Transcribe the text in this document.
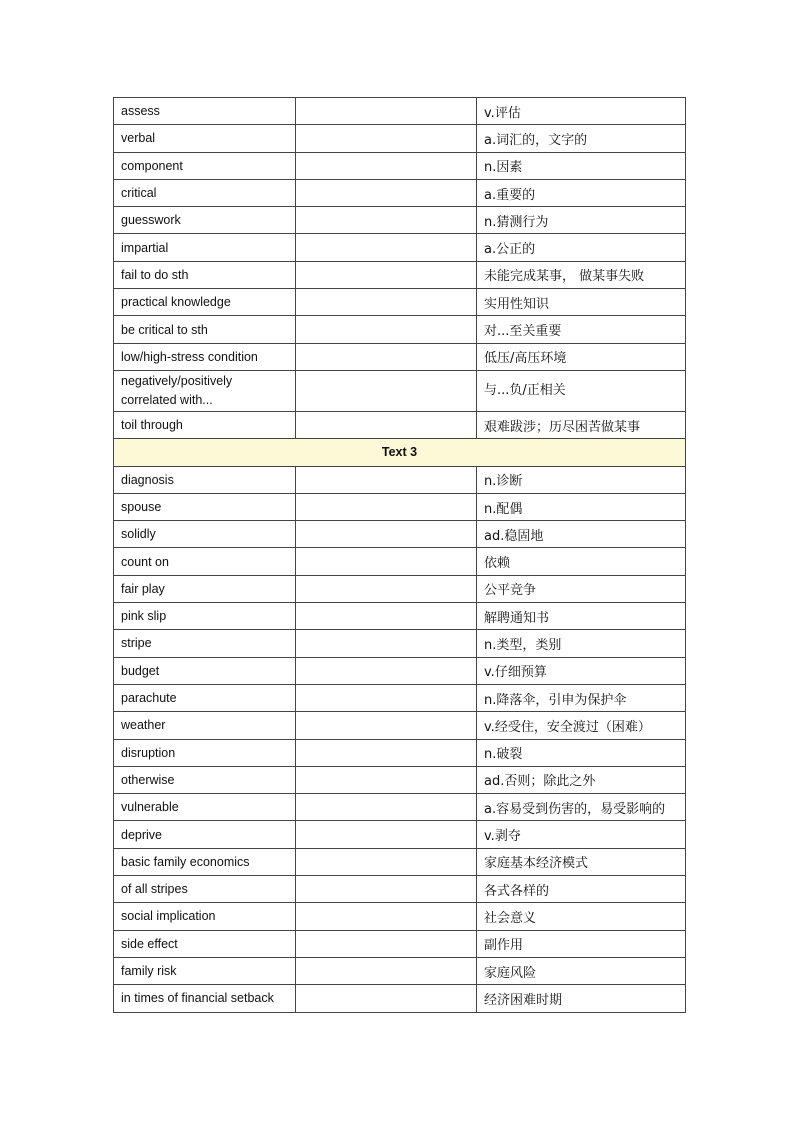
assess		v.评估
verbal		a.词汇的，文字的
component		n.因素
critical		a.重要的
guesswork		n.猜测行为
impartial		a.公正的
fail to do sth		未能完成某事， 做某事失败
practical knowledge		实用性知识
be critical to sth		对...至关重要
low/high-stress condition		低压/高压环境
negatively/positively correlated with...		与...负/正相关
toil through		艰难跋涉；历尽困苦做某事
Text 3		
diagnosis		n.诊断
spouse		n.配偶
solidly		ad.稳固地
count on		依赖
fair play		公平竞争
pink slip		解聘通知书
stripe		n.类型，类别
budget		v.仔细预算
parachute		n.降落伞，引申为保护伞
weather		v.经受住，安全渡过（困难）
disruption		n.破裂
otherwise		ad.否则；除此之外
vulnerable		a.容易受到伤害的，易受影响的
deprive		v.剥夺
basic family economics		家庭基本经济模式
of all stripes		各式各样的
social implication		社会意义
side effect		副作用
family risk		家庭风险
in times of financial setback		经济困难时期
